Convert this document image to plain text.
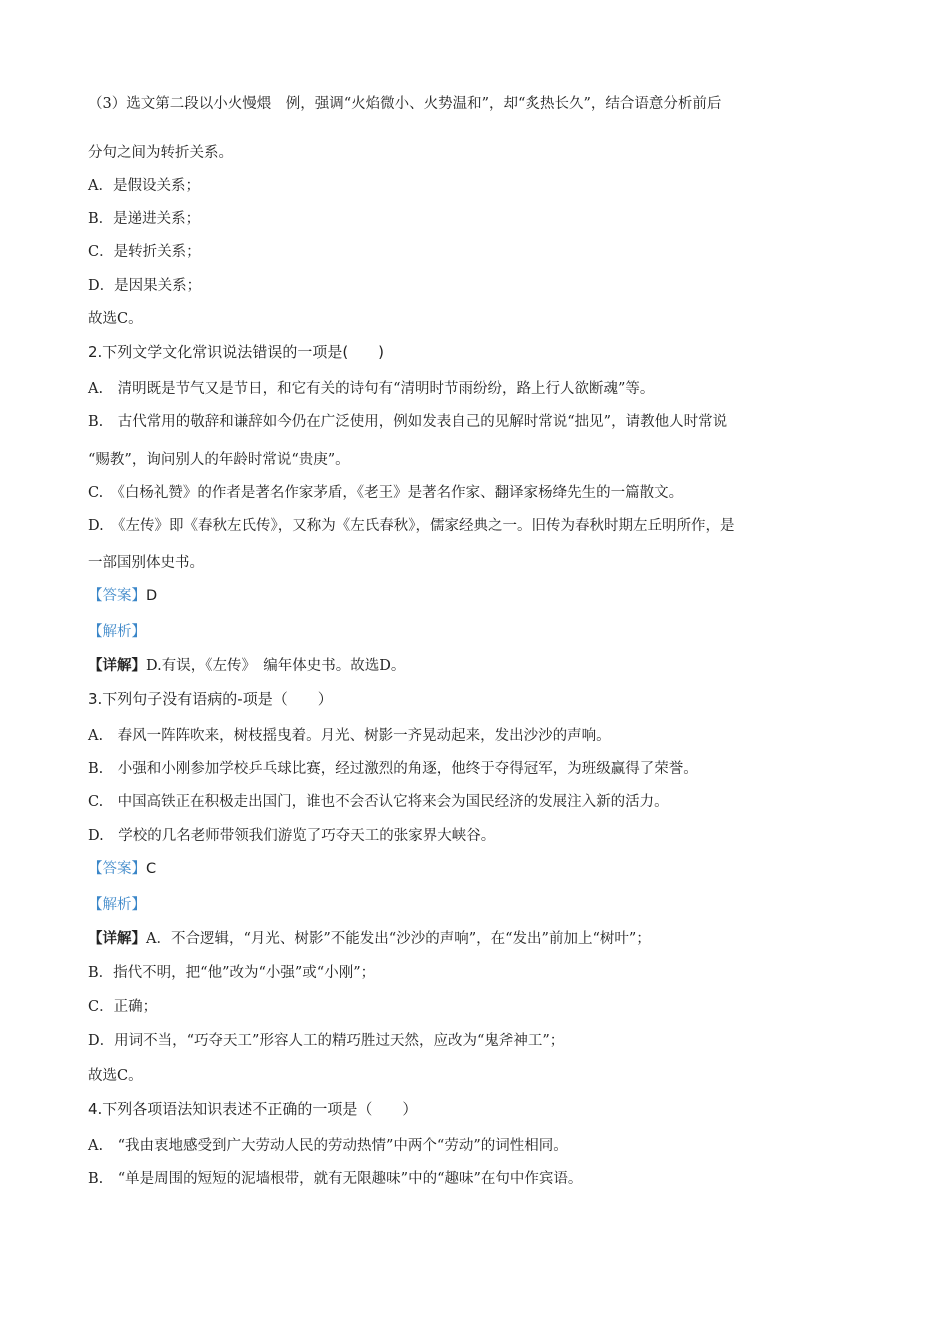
（3）选文第二段以小火慢煨　例，强调“火焰微小、火势温和”，却“炙热长久”，结合语意分析前后
分句之间为转折关系。
A．是假设关系；
B．是递进关系；
C．是转折关系；
D．是因果关系；
故选C。
2.下列文学文化常识说法错误的一项是(　　)
A.　清明既是节气又是节日，和它有关的诗句有“清明时节雨纷纷，路上行人欲断魂”等。
B.　古代常用的敬辞和谦辞如今仍在广泛使用，例如发表自己的见解时常说“拙见”，请教他人时常说
“赐教”，询问别人的年龄时常说“贵庚”。
C.　《白杨礼赞》的作者是著名作家茅盾，《老王》是著名作家、翻译家杨绛先生的一篇散文。
D.　《左传》即《春秋左氏传》，又称为《左氏春秋》，儒家经典之一。旧传为春秋时期左丘明所作，是
一部国别体史书。
【答案】D
【解析】
【详解】D.有误，《左传》　编年体史书。故选D。
3.下列句子没有语病的-项是（　　）
A.　春风一阵阵吹来，树枝摇曳着。月光、树影一齐晃动起来，发出沙沙的声响。
B.　小强和小刚参加学校乒乓球比赛，经过激烈的角逐，他终于夺得冠军，为班级赢得了荣誉。
C.　中国高铁正在积极走出国门，谁也不会否认它将来会为国民经济的发展注入新的活力。
D.　学校的几名老师带领我们游览了巧夺天工的张家界大峡谷。
【答案】C
【解析】
【详解】A．不合逻辑，“月光、树影”不能发出“沙沙的声响”，在“发出”前加上“树叶”；
B．指代不明，把“他”改为“小强”或“小刚”；
C．正确；
D．用词不当，“巧夺天工”形容人工的精巧胜过天然，应改为“鬼斧神工”；
故选C。
4.下列各项语法知识表述不正确的一项是（　　）
A.　“我由衷地感受到广大劳动人民的劳动热情”中两个“劳动”的词性相同。
B.　“单是周围的短短的泥墙根带，就有无限趣味”中的“趣味”在句中作宾语。
